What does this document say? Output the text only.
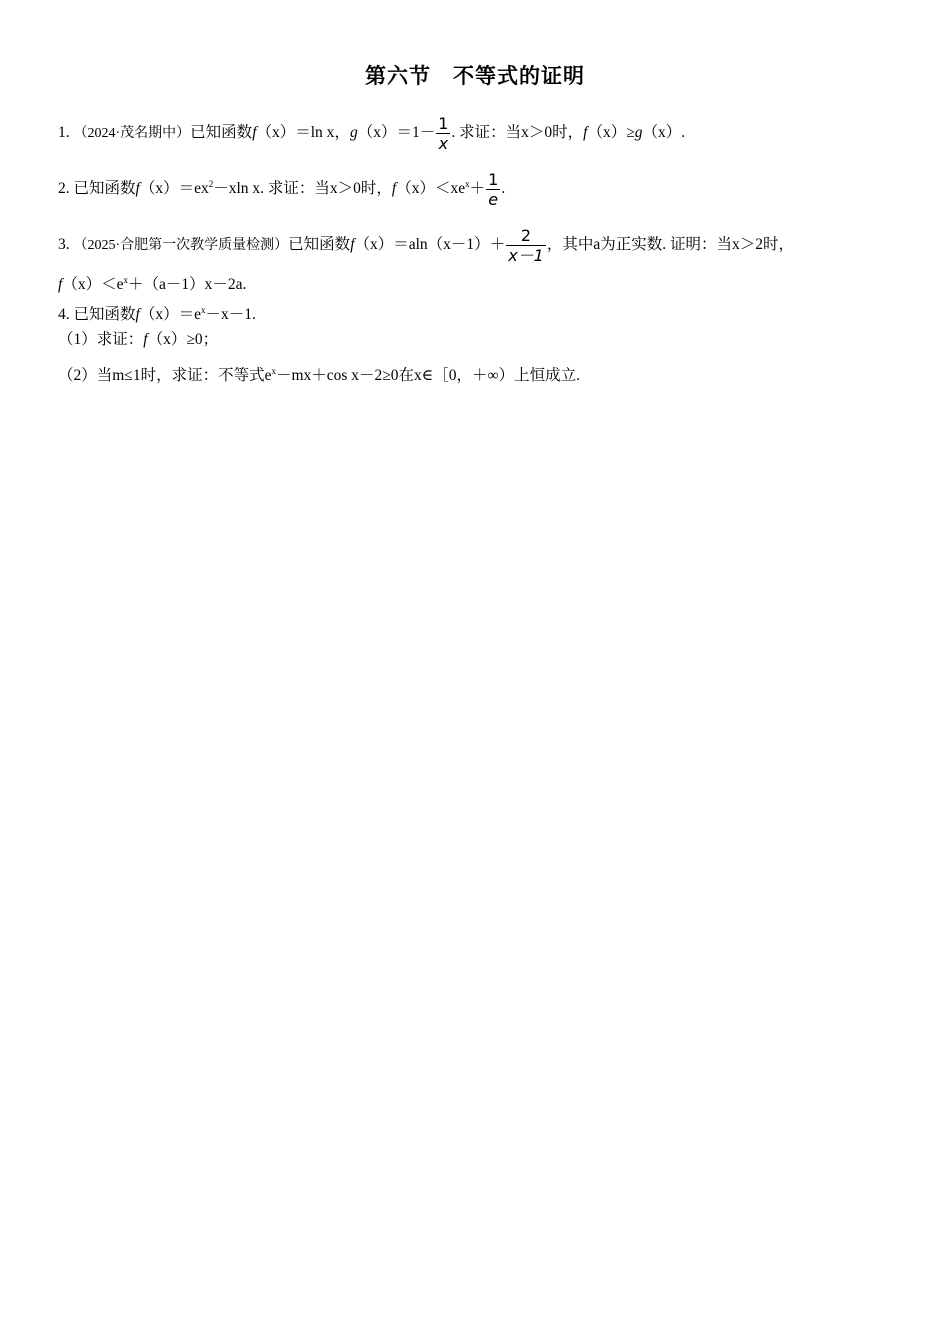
第六节　不等式的证明
1. （2024·茂名期中）已知函数f（x）＝ln x，$g(x)=1- \frac{1}{x}$ . 求证：当x＞0时，f（x）≥g（x）.
2. 已知函数$f(x)=ex^2-xln$ x. 求证：当x＞0时，$f(x)<xe^x+ \frac{1}{e}$ .
3. （2025·合肥第一次教学质量检测）已知函数$f(x)=aln(x-1)+ \frac{2}{x-1}$ ，其中a为正实数. 证明：当x＞2时，
$f(x)<e^x+(a-1)x-2a$.
4. 已知函数$f(x)=e^x-x-1$.
（1）求证：f（x）≥0；
（2）当m≤1时，求证：不等式$e^x-mx+\cos$ x－2≥0在x∈［0，＋∞）上恒成立.
